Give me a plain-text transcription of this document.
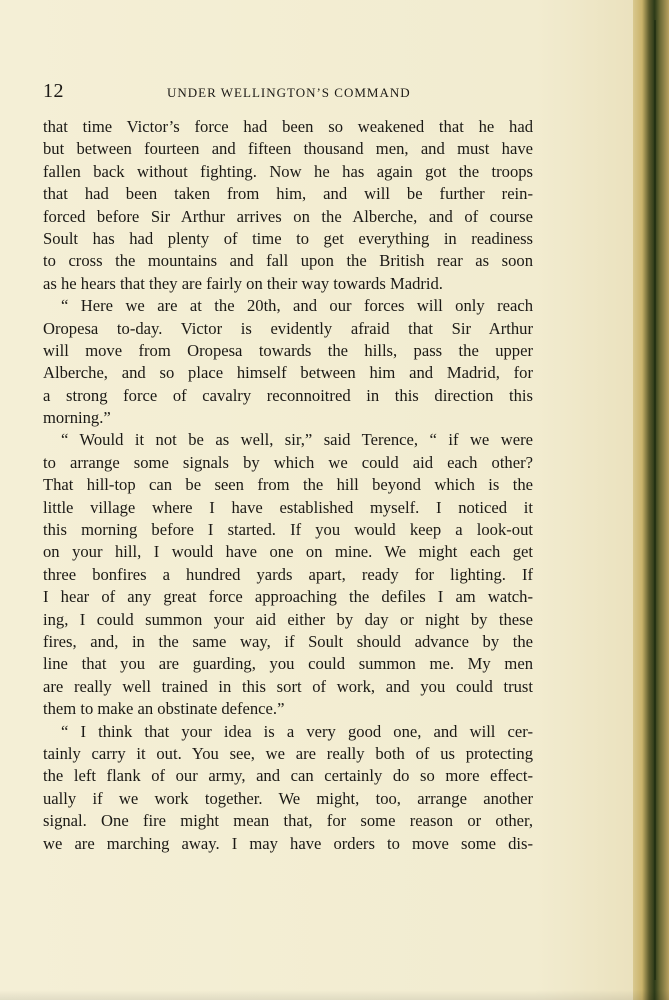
12	UNDER WELLINGTON’S COMMAND
that time Victor’s force had been so weakened that he had
but between fourteen and fifteen thousand men, and must have
fallen back without fighting. Now he has again got the troops
that had been taken from him, and will be further rein-
forced before Sir Arthur arrives on the Alberche, and of course
Soult has had plenty of time to get everything in readiness
to cross the mountains and fall upon the British rear as soon
as he hears that they are fairly on their way towards Madrid.
“ Here we are at the 20th, and our forces will only reach
Oropesa to-day. Victor is evidently afraid that Sir Arthur
will move from Oropesa towards the hills, pass the upper
Alberche, and so place himself between him and Madrid, for
a strong force of cavalry reconnoitred in this direction this
morning.”
“ Would it not be as well, sir,” said Terence, “ if we were
to arrange some signals by which we could aid each other?
That hill-top can be seen from the hill beyond which is the
little village where I have established myself. I noticed it
this morning before I started. If you would keep a look-out
on your hill, I would have one on mine. We might each get
three bonfires a hundred yards apart, ready for lighting. If
I hear of any great force approaching the defiles I am watch-
ing, I could summon your aid either by day or night by these
fires, and, in the same way, if Soult should advance by the
line that you are guarding, you could summon me. My men
are really well trained in this sort of work, and you could trust
them to make an obstinate defence.”
“ I think that your idea is a very good one, and will cer-
tainly carry it out. You see, we are really both of us protecting
the left flank of our army, and can certainly do so more effect-
ually if we work together. We might, too, arrange another
signal. One fire might mean that, for some reason or other,
we are marching away. I may have orders to move some dis-
